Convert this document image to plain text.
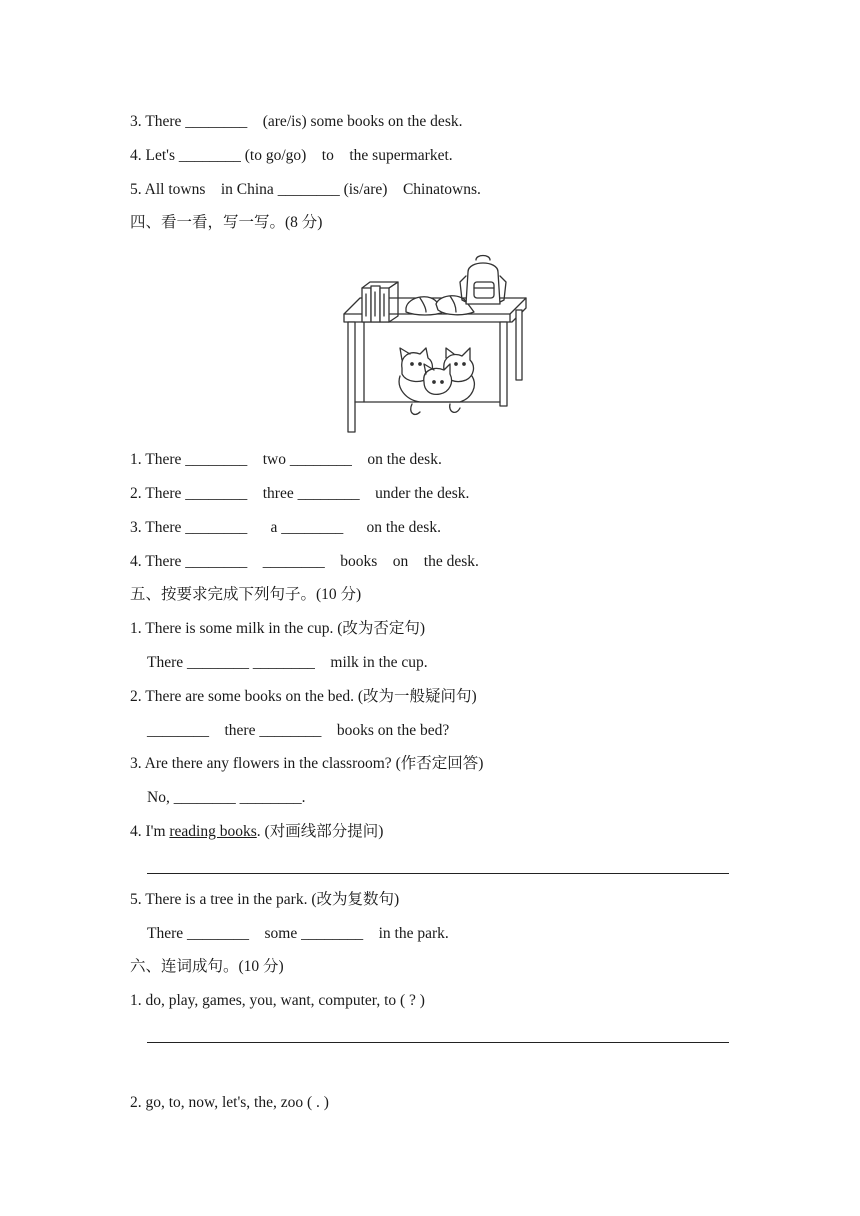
3. There ________    (are/is) some books on the desk.
4. Let's ________ (to go/go)    to    the supermarket.
5. All towns    in China ________ (is/are)    Chinatowns.
四、看一看，写一写。(8 分)
1. There ________    two ________    on the desk.
2. There ________    three ________    under the desk.
3. There ________      a ________      on the desk.
4. There ________    ________    books    on    the desk.
五、按要求完成下列句子。(10 分)
1. There is some milk in the cup. (改为否定句)
There ________ ________    milk in the cup.
2. There are some books on the bed. (改为一般疑问句)
________    there ________    books on the bed?
3. Are there any flowers in the classroom? (作否定回答)
No, ________ ________.
4. I'm reading books. (对画线部分提问)
5. There is a tree in the park. (改为复数句)
There ________    some ________    in the park.
六、连词成句。(10 分)
1. do, play, games, you, want, computer, to ( ? )
2. go, to, now, let's, the, zoo ( . )
